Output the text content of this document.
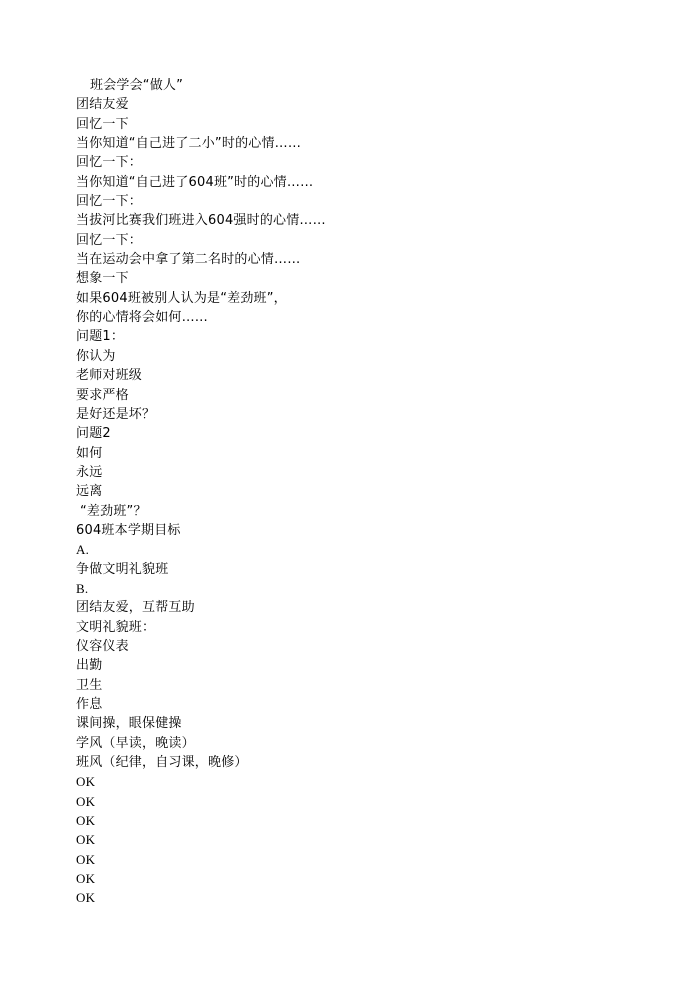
班会学会“做人”
团结友爱
回忆一下
当你知道“自己进了二小”时的心情……
回忆一下：
当你知道“自己进了604班”时的心情……
回忆一下：
当拔河比赛我们班进入604强时的心情……
回忆一下：
当在运动会中拿了第二名时的心情……
想象一下
如果604班被别人认为是“差劲班”，
你的心情将会如何……
问题1：
你认为
老师对班级
要求严格
是好还是坏？
问题2
如何
永远
远离
“差劲班”？
604班本学期目标
A.
争做文明礼貌班
B.
团结友爱，互帮互助
文明礼貌班：
仪容仪表
出勤
卫生
作息
课间操，眼保健操
学风（早读，晚读）
班风（纪律，自习课，晚修）
OK
OK
OK
OK
OK
OK
OK
